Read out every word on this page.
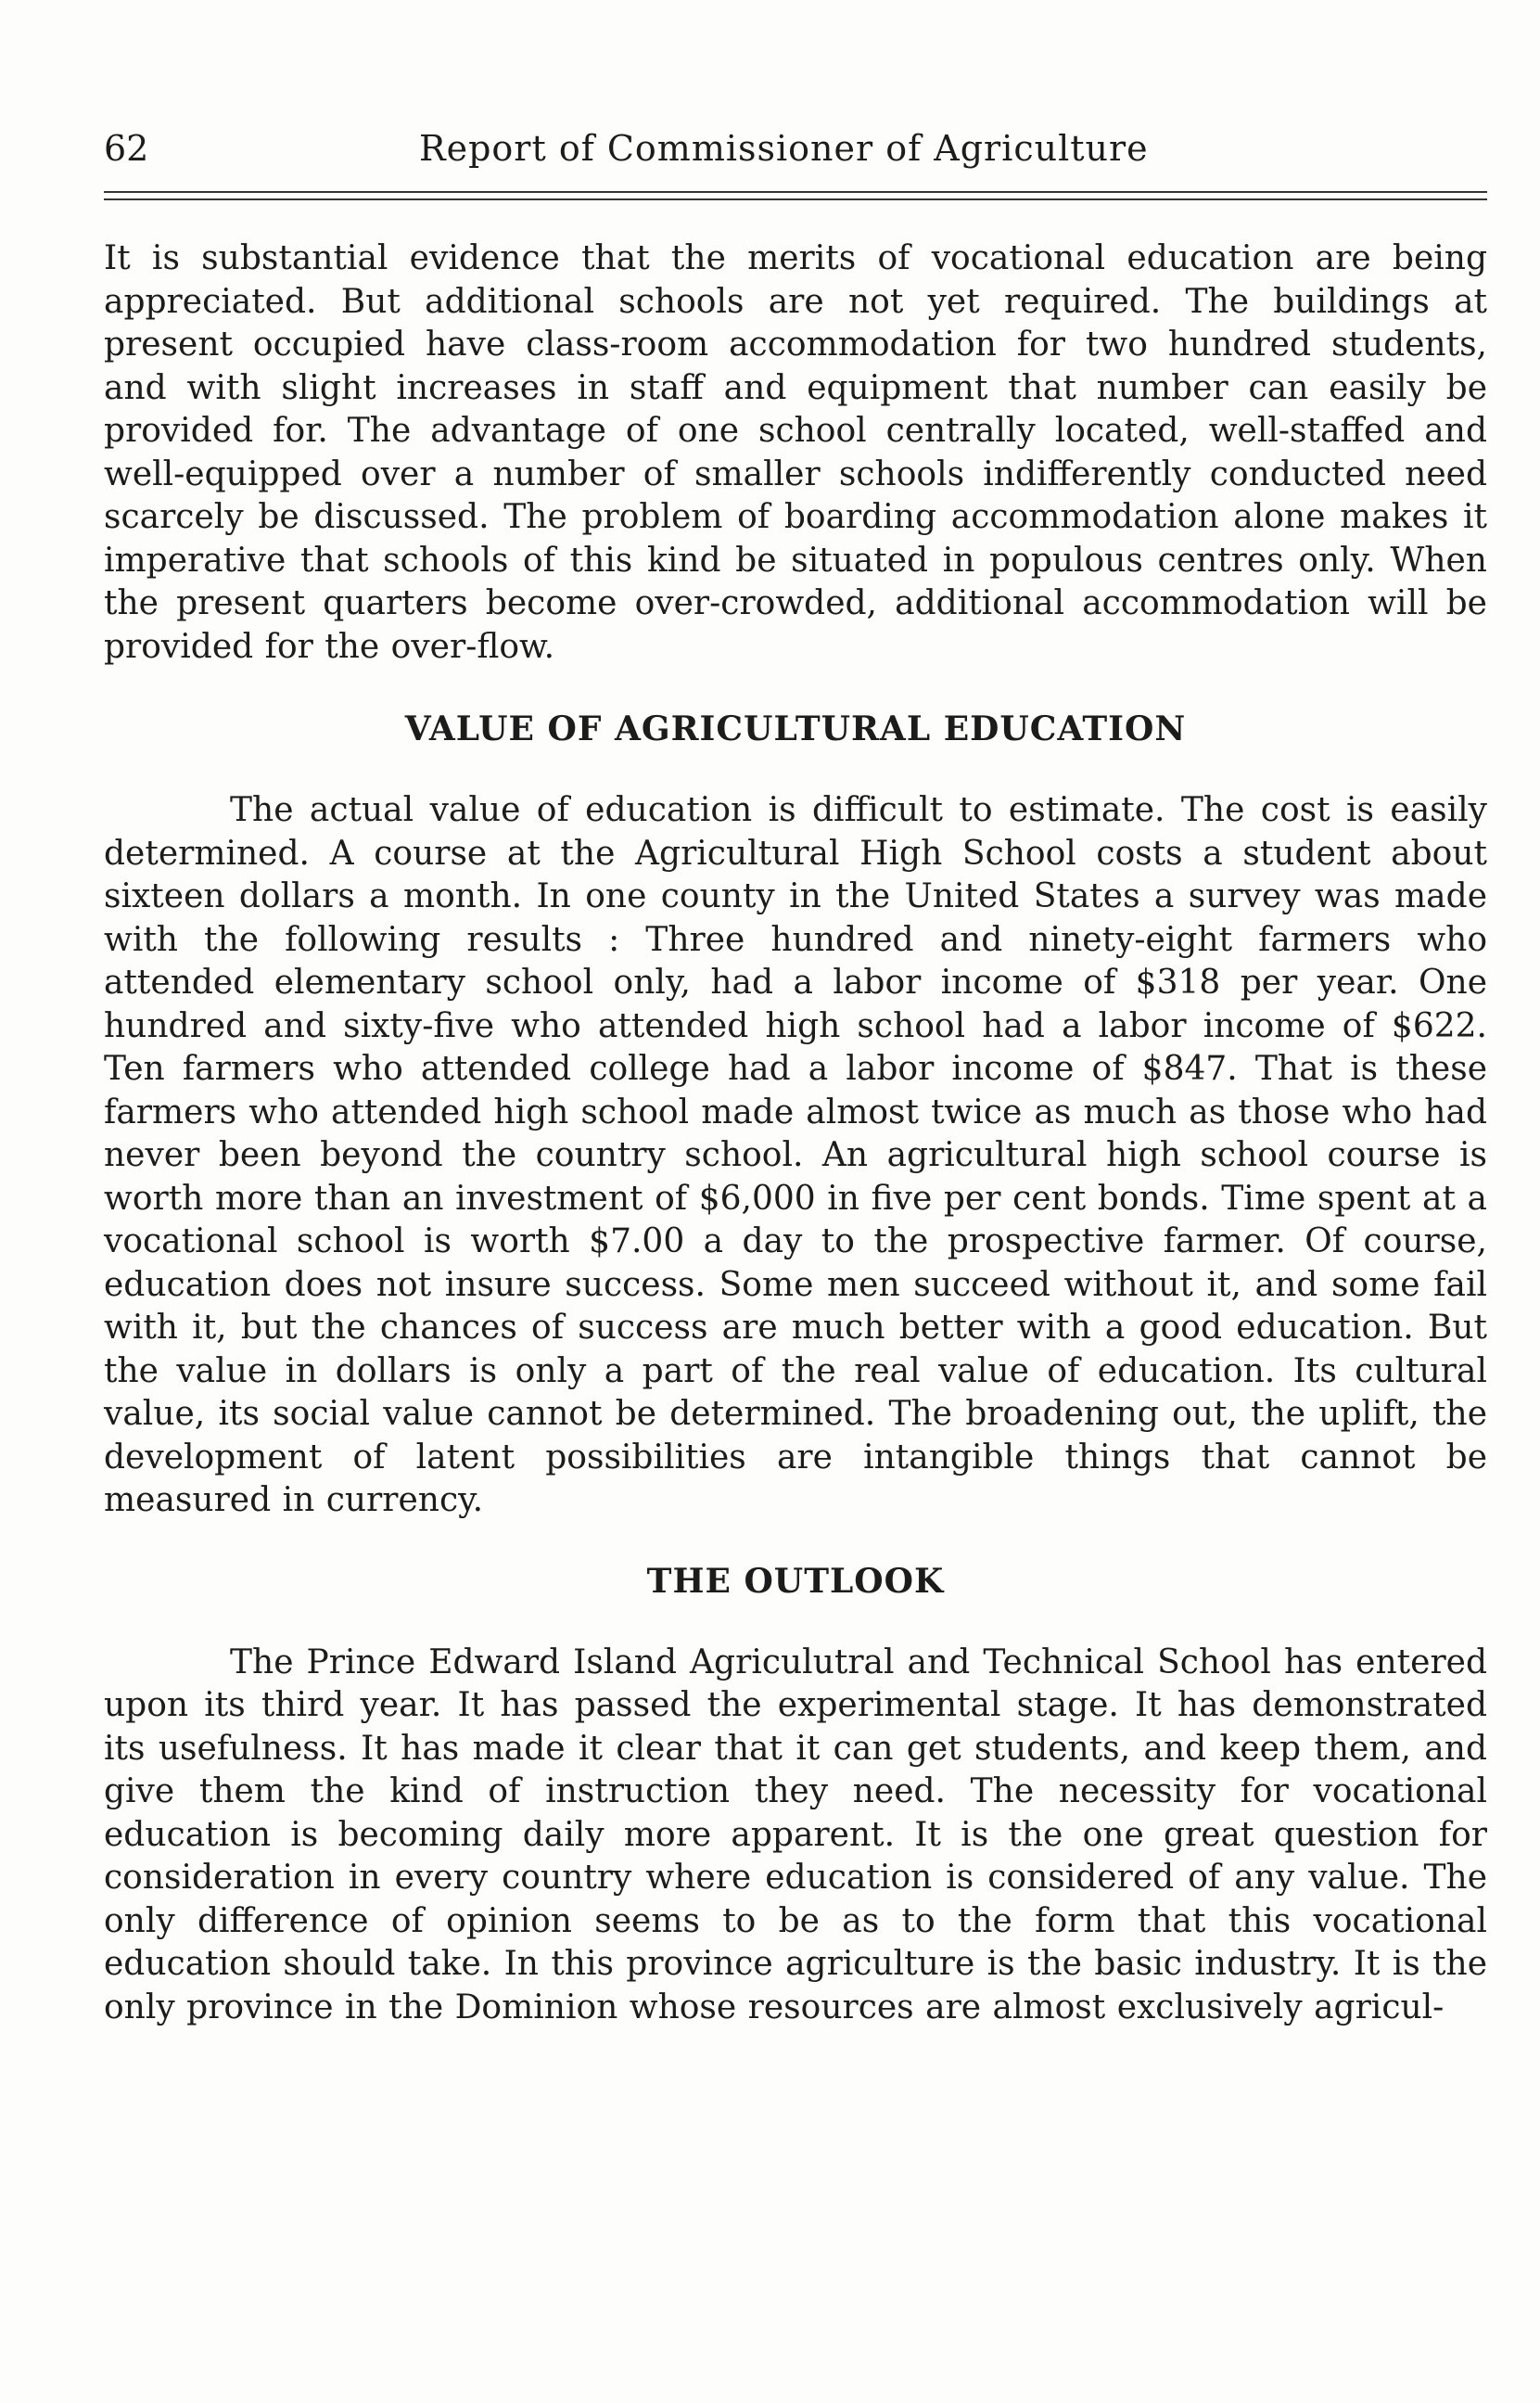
62	Report of Commissioner of Agriculture

It is substantial evidence that the merits of vocational education are being appreciated. But additional schools are not yet required. The buildings at present occupied have class-room accommodation for two hundred students, and with slight increases in staff and equipment that number can easily be provided for. The advantage of one school centrally located, well-staffed and well-equipped over a number of smaller schools indifferently conducted need scarcely be discussed. The problem of boarding accommodation alone makes it imperative that schools of this kind be situated in populous centres only. When the present quarters become over-crowded, additional accommodation will be provided for the over-flow.

VALUE OF AGRICULTURAL EDUCATION

The actual value of education is difficult to estimate. The cost is easily determined. A course at the Agricultural High School costs a student about sixteen dollars a month. In one county in the United States a survey was made with the following results : Three hundred and ninety-eight farmers who attended elementary school only, had a labor income of $318 per year. One hundred and sixty-five who attended high school had a labor income of $622. Ten farmers who attended college had a labor income of $847. That is these farmers who attended high school made almost twice as much as those who had never been beyond the country school. An agricultural high school course is worth more than an investment of $6,000 in five per cent bonds. Time spent at a vocational school is worth $7.00 a day to the prospective farmer. Of course, education does not insure success. Some men succeed without it, and some fail with it, but the chances of success are much better with a good education. But the value in dollars is only a part of the real value of education. Its cultural value, its social value cannot be determined. The broadening out, the uplift, the development of latent possibilities are intangible things that cannot be measured in currency.

THE OUTLOOK

The Prince Edward Island Agriculutral and Technical School has entered upon its third year. It has passed the experimental stage. It has demonstrated its usefulness. It has made it clear that it can get students, and keep them, and give them the kind of instruction they need. The necessity for vocational education is becoming daily more apparent. It is the one great question for consideration in every country where education is considered of any value. The only difference of opinion seems to be as to the form that this vocational education should take. In this province agriculture is the basic industry. It is the only province in the Dominion whose resources are almost exclusively agricul-
